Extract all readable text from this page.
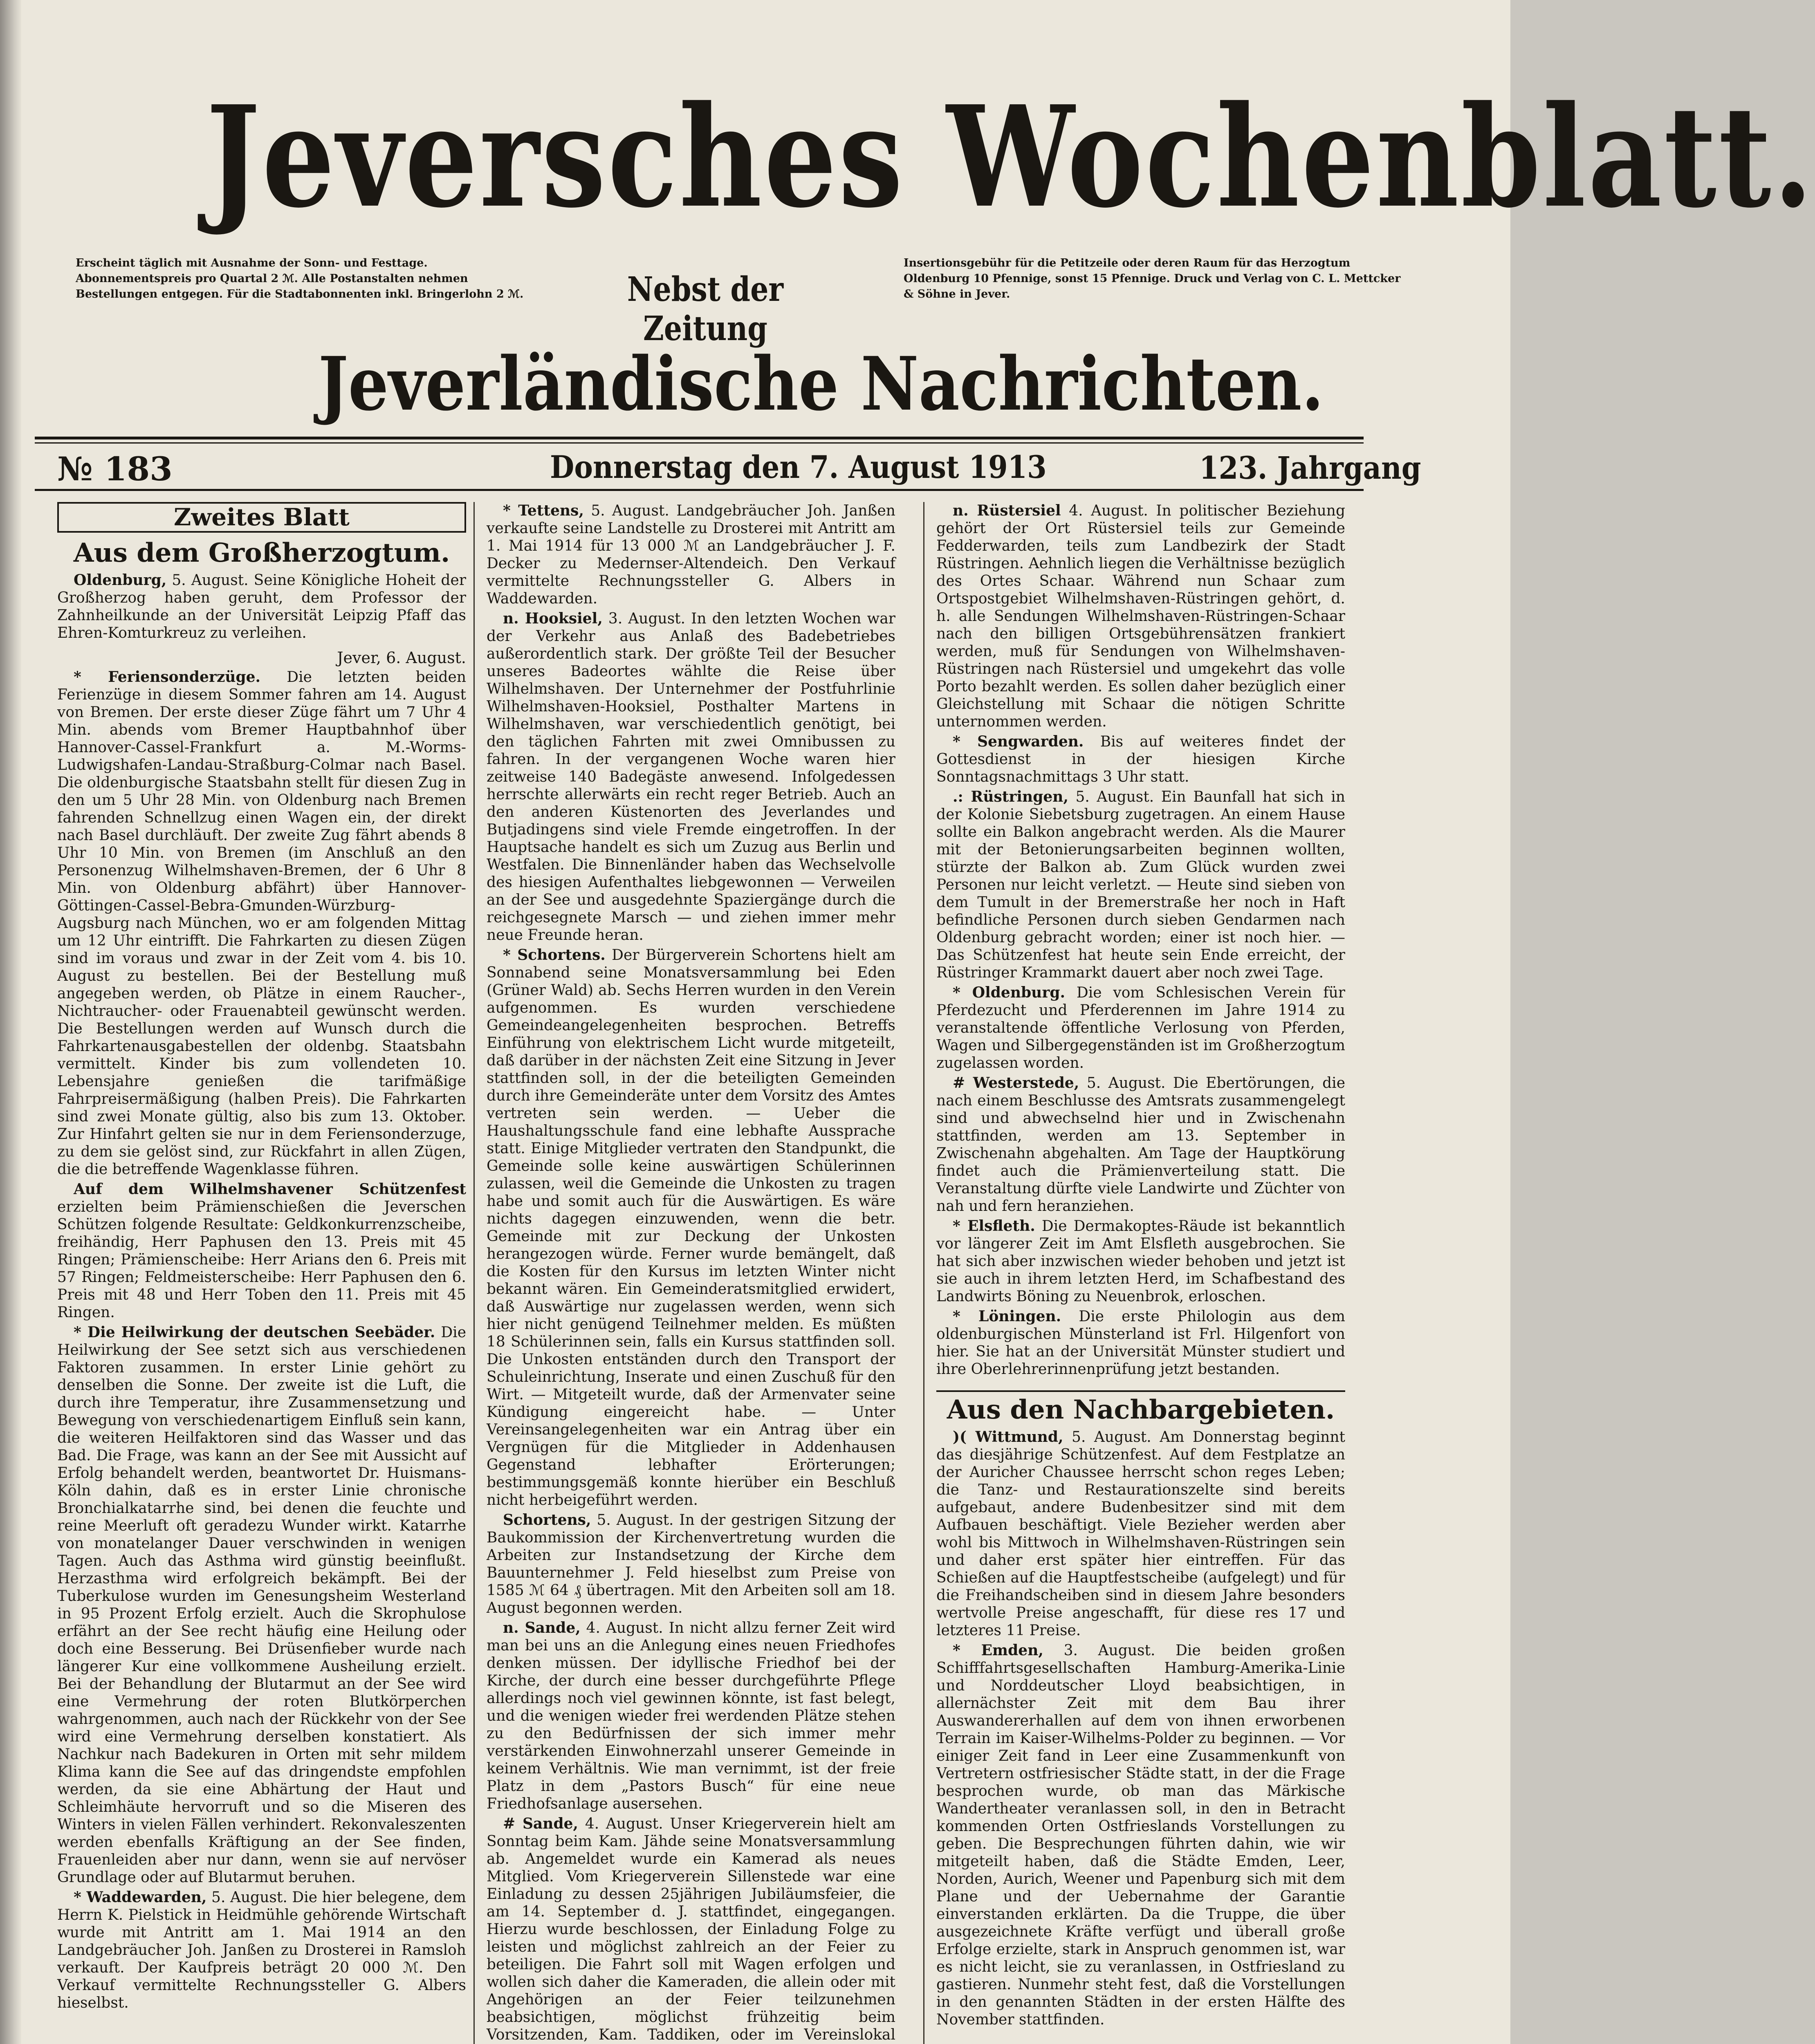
Jeversches Wochenblatt.
Erscheint täglich mit Ausnahme der Sonn- und Festtage. Abonnementspreis pro Quartal 2 ℳ. Alle Postanstalten nehmen Bestellungen entgegen. Für die Stadtabonnenten inkl. Bringerlohn 2 ℳ.	Nebst der Zeitung
Insertionsgebühr für die Petitzeile oder deren Raum für das Herzogtum Oldenburg 10 Pfennige, sonst 15 Pfennige. Druck und Verlag von C. L. Mettcker & Söhne in Jever.
Jeverländische Nachrichten.
№ 183	Donnerstag den 7. August 1913	123. Jahrgang
Zweites Blatt
Aus dem Großherzogtum.

Oldenburg, 5. August. Seine Königliche Hoheit der Großherzog haben geruht, dem Professor der Zahnheilkunde an der Universität Leipzig Pfaff das Ehren-Komturkreuz zu verleihen.

Jever, 6. August.

* Feriensonderzüge. Die letzten beiden Ferienzüge in diesem Sommer fahren am 14. August von Bremen. Der erste dieser Züge fährt um 7 Uhr 4 Min. abends vom Bremer Hauptbahnhof über Hannover-Cassel-Frankfurt a. M.-Worms-Ludwigshafen-Landau-Straßburg-Colmar nach Basel. Die oldenburgische Staatsbahn stellt für diesen Zug in den um 5 Uhr 28 Min. von Oldenburg nach Bremen fahrenden Schnellzug einen Wagen ein, der direkt nach Basel durchläuft. Der zweite Zug fährt abends 8 Uhr 10 Min. von Bremen (im Anschluß an den Personenzug Wilhelmshaven-Bremen, der 6 Uhr 8 Min. von Oldenburg abfährt) über Hannover-Göttingen-Cassel-Bebra-Gmunden-Würzburg-Augsburg nach München, wo er am folgenden Mittag um 12 Uhr eintrifft. Die Fahrkarten zu diesen Zügen sind im voraus und zwar in der Zeit vom 4. bis 10. August zu bestellen. Bei der Bestellung muß angegeben werden, ob Plätze in einem Raucher-, Nichtraucher- oder Frauenabteil gewünscht werden. Die Bestellungen werden auf Wunsch durch die Fahrkartenausgabestellen der oldenbg. Staatsbahn vermittelt. Kinder bis zum vollendeten 10. Lebensjahre genießen die tarifmäßige Fahrpreisermäßigung (halben Preis). Die Fahrkarten sind zwei Monate gültig, also bis zum 13. Oktober. Zur Hinfahrt gelten sie nur in dem Feriensonderzuge, zu dem sie gelöst sind, zur Rückfahrt in allen Zügen, die die betreffende Wagenklasse führen.

Auf dem Wilhelmshavener Schützenfest erzielten beim Prämienschießen die Jeverschen Schützen folgende Resultate: Geldkonkurrenzscheibe, freihändig, Herr Paphusen den 13. Preis mit 45 Ringen; Prämienscheibe: Herr Arians den 6. Preis mit 57 Ringen; Feldmeisterscheibe: Herr Paphusen den 6. Preis mit 48 und Herr Toben den 11. Preis mit 45 Ringen.

* Die Heilwirkung der deutschen Seebäder. Die Heilwirkung der See setzt sich aus verschiedenen Faktoren zusammen. In erster Linie gehört zu denselben die Sonne. Der zweite ist die Luft, die durch ihre Temperatur, ihre Zusammensetzung und Bewegung von verschiedenartigem Einfluß sein kann, die weiteren Heilfaktoren sind das Wasser und das Bad. Die Frage, was kann an der See mit Aussicht auf Erfolg behandelt werden, beantwortet Dr. Huismans-Köln dahin, daß es in erster Linie chronische Bronchialkatarrhe sind, bei denen die feuchte und reine Meerluft oft geradezu Wunder wirkt. Katarrhe von monatelanger Dauer verschwinden in wenigen Tagen. Auch das Asthma wird günstig beeinflußt. Herzasthma wird erfolgreich bekämpft. Bei der Tuberkulose wurden im Genesungsheim Westerland in 95 Prozent Erfolg erzielt. Auch die Skrophulose erfährt an der See recht häufig eine Heilung oder doch eine Besserung. Bei Drüsenfieber wurde nach längerer Kur eine vollkommene Ausheilung erzielt. Bei der Behandlung der Blutarmut an der See wird eine Vermehrung der roten Blutkörperchen wahrgenommen, auch nach der Rückkehr von der See wird eine Vermehrung derselben konstatiert. Als Nachkur nach Badekuren in Orten mit sehr mildem Klima kann die See auf das dringendste empfohlen werden, da sie eine Abhärtung der Haut und Schleimhäute hervorruft und so die Miseren des Winters in vielen Fällen verhindert. Rekonvaleszenten werden ebenfalls Kräftigung an der See finden, Frauenleiden aber nur dann, wenn sie auf nervöser Grundlage oder auf Blutarmut beruhen.

* Waddewarden, 5. August. Die hier belegene, dem Herrn K. Pielstick in Heidmühle gehörende Wirtschaft wurde mit Antritt am 1. Mai 1914 an den Landgebräucher Joh. Janßen zu Drosterei in Ramsloh verkauft. Der Kaufpreis beträgt 20 000 ℳ. Den Verkauf vermittelte Rechnungssteller G. Albers hieselbst.

* Tettens, 5. August. Landgebräucher Joh. Janßen verkaufte seine Landstelle zu Drosterei mit Antritt am 1. Mai 1914 für 13 000 ℳ an Landgebräucher J. F. Decker zu Medernser-Altendeich. Den Verkauf vermittelte Rechnungssteller G. Albers in Waddewarden.

n. Hooksiel, 3. August. In den letzten Wochen war der Verkehr aus Anlaß des Badebetriebes außerordentlich stark. Der größte Teil der Besucher unseres Badeortes wählte die Reise über Wilhelmshaven. Der Unternehmer der Postfuhrlinie Wilhelmshaven-Hooksiel, Posthalter Martens in Wilhelmshaven, war verschiedentlich genötigt, bei den täglichen Fahrten mit zwei Omnibussen zu fahren. In der vergangenen Woche waren hier zeitweise 140 Badegäste anwesend. Infolgedessen herrschte allerwärts ein recht reger Betrieb. Auch an den anderen Küstenorten des Jeverlandes und Butjadingens sind viele Fremde eingetroffen. In der Hauptsache handelt es sich um Zuzug aus Berlin und Westfalen. Die Binnenländer haben das Wechselvolle des hiesigen Aufenthaltes liebgewonnen — Verweilen an der See und ausgedehnte Spaziergänge durch die reichgesegnete Marsch — und ziehen immer mehr neue Freunde heran.

* Schortens. Der Bürgerverein Schortens hielt am Sonnabend seine Monatsversammlung bei Eden (Grüner Wald) ab. Sechs Herren wurden in den Verein aufgenommen. Es wurden verschiedene Gemeindeangelegenheiten besprochen. Betreffs Einführung von elektrischem Licht wurde mitgeteilt, daß darüber in der nächsten Zeit eine Sitzung in Jever stattfinden soll, in der die beteiligten Gemeinden durch ihre Gemeinderäte unter dem Vorsitz des Amtes vertreten sein werden. — Ueber die Haushaltungsschule fand eine lebhafte Aussprache statt. Einige Mitglieder vertraten den Standpunkt, die Gemeinde solle keine auswärtigen Schülerinnen zulassen, weil die Gemeinde die Unkosten zu tragen habe und somit auch für die Auswärtigen. Es wäre nichts dagegen einzuwenden, wenn die betr. Gemeinde mit zur Deckung der Unkosten herangezogen würde. Ferner wurde bemängelt, daß die Kosten für den Kursus im letzten Winter nicht bekannt wären. Ein Gemeinderatsmitglied erwidert, daß Auswärtige nur zugelassen werden, wenn sich hier nicht genügend Teilnehmer melden. Es müßten 18 Schülerinnen sein, falls ein Kursus stattfinden soll. Die Unkosten entständen durch den Transport der Schuleinrichtung, Inserate und einen Zuschuß für den Wirt. — Mitgeteilt wurde, daß der Armenvater seine Kündigung eingereicht habe. — Unter Vereinsangelegenheiten war ein Antrag über ein Vergnügen für die Mitglieder in Addenhausen Gegenstand lebhafter Erörterungen; bestimmungsgemäß konnte hierüber ein Beschluß nicht herbeigeführt werden.

Schortens, 5. August. In der gestrigen Sitzung der Baukommission der Kirchenvertretung wurden die Arbeiten zur Instandsetzung der Kirche dem Bauunternehmer J. Feld hieselbst zum Preise von 1585 ℳ 64 ₰ übertragen. Mit den Arbeiten soll am 18. August begonnen werden.

n. Sande, 4. August. In nicht allzu ferner Zeit wird man bei uns an die Anlegung eines neuen Friedhofes denken müssen. Der idyllische Friedhof bei der Kirche, der durch eine besser durchgeführte Pflege allerdings noch viel gewinnen könnte, ist fast belegt, und die wenigen wieder frei werdenden Plätze stehen zu den Bedürfnissen der sich immer mehr verstärkenden Einwohnerzahl unserer Gemeinde in keinem Verhältnis. Wie man vernimmt, ist der freie Platz in dem „Pastors Busch“ für eine neue Friedhofsanlage ausersehen.

# Sande, 4. August. Unser Kriegerverein hielt am Sonntag beim Kam. Jähde seine Monatsversammlung ab. Angemeldet wurde ein Kamerad als neues Mitglied. Vom Kriegerverein Sillenstede war eine Einladung zu dessen 25jährigen Jubiläumsfeier, die am 14. September d. J. stattfindet, eingegangen. Hierzu wurde beschlossen, der Einladung Folge zu leisten und möglichst zahlreich an der Feier zu beteiligen. Die Fahrt soll mit Wagen erfolgen und wollen sich daher die Kameraden, die allein oder mit Angehörigen an der Feier teilzunehmen beabsichtigen, möglichst frühzeitig beim Vorsitzenden, Kam. Taddiken, oder im Vereinslokal

n. Rüstersiel 4. August. In politischer Beziehung gehört der Ort Rüstersiel teils zur Gemeinde Fedderwarden, teils zum Landbezirk der Stadt Rüstringen. Aehnlich liegen die Verhältnisse bezüglich des Ortes Schaar. Während nun Schaar zum Ortspostgebiet Wilhelmshaven-Rüstringen gehört, d. h. alle Sendungen Wilhelmshaven-Rüstringen-Schaar nach den billigen Ortsgebührensätzen frankiert werden, muß für Sendungen von Wilhelmshaven-Rüstringen nach Rüstersiel und umgekehrt das volle Porto bezahlt werden. Es sollen daher bezüglich einer Gleichstellung mit Schaar die nötigen Schritte unternommen werden.

* Sengwarden. Bis auf weiteres findet der Gottesdienst in der hiesigen Kirche Sonntagsnachmittags 3 Uhr statt.

.: Rüstringen, 5. August. Ein Baunfall hat sich in der Kolonie Siebetsburg zugetragen. An einem Hause sollte ein Balkon angebracht werden. Als die Maurer mit der Betonierungsarbeiten beginnen wollten, stürzte der Balkon ab. Zum Glück wurden zwei Personen nur leicht verletzt. — Heute sind sieben von dem Tumult in der Bremerstraße her noch in Haft befindliche Personen durch sieben Gendarmen nach Oldenburg gebracht worden; einer ist noch hier. — Das Schützenfest hat heute sein Ende erreicht, der Rüstringer Krammarkt dauert aber noch zwei Tage.

* Oldenburg. Die vom Schlesischen Verein für Pferdezucht und Pferderennen im Jahre 1914 zu veranstaltende öffentliche Verlosung von Pferden, Wagen und Silbergegenständen ist im Großherzogtum zugelassen worden.

# Westerstede, 5. August. Die Ebertörungen, die nach einem Beschlusse des Amtsrats zusammengelegt sind und abwechselnd hier und in Zwischenahn stattfinden, werden am 13. September in Zwischenahn abgehalten. Am Tage der Hauptkörung findet auch die Prämienverteilung statt. Die Veranstaltung dürfte viele Landwirte und Züchter von nah und fern heranziehen.

* Elsfleth. Die Dermakoptes-Räude ist bekanntlich vor längerer Zeit im Amt Elsfleth ausgebrochen. Sie hat sich aber inzwischen wieder behoben und jetzt ist sie auch in ihrem letzten Herd, im Schafbestand des Landwirts Böning zu Neuenbrok, erloschen.

* Löningen. Die erste Philologin aus dem oldenburgischen Münsterland ist Frl. Hilgenfort von hier. Sie hat an der Universität Münster studiert und ihre Oberlehrerinnenprüfung jetzt bestanden.

Aus den Nachbargebieten.

)( Wittmund, 5. August. Am Donnerstag beginnt das diesjährige Schützenfest. Auf dem Festplatze an der Auricher Chaussee herrscht schon reges Leben; die Tanz- und Restaurationszelte sind bereits aufgebaut, andere Budenbesitzer sind mit dem Aufbauen beschäftigt. Viele Bezieher werden aber wohl bis Mittwoch in Wilhelmshaven-Rüstringen sein und daher erst später hier eintreffen. Für das Schießen auf die Hauptfestscheibe (aufgelegt) und für die Freihandscheiben sind in diesem Jahre besonders wertvolle Preise angeschafft, für diese res 17 und letzteres 11 Preise.

* Emden, 3. August. Die beiden großen Schifffahrtsgesellschaften Hamburg-Amerika-Linie und Norddeutscher Lloyd beabsichtigen, in allernächster Zeit mit dem Bau ihrer Auswandererhallen auf dem von ihnen erworbenen Terrain im Kaiser-Wilhelms-Polder zu beginnen. — Vor einiger Zeit fand in Leer eine Zusammenkunft von Vertretern ostfriesischer Städte statt, in der die Frage besprochen wurde, ob man das Märkische Wandertheater veranlassen soll, in den in Betracht kommenden Orten Ostfrieslands Vorstellungen zu geben. Die Besprechungen führten dahin, wie wir mitgeteilt haben, daß die Städte Emden, Leer, Norden, Aurich, Weener und Papenburg sich mit dem Plane und der Uebernahme der Garantie einverstanden erklärten. Da die Truppe, die über ausgezeichnete Kräfte verfügt und überall große Erfolge erzielte, stark in Anspruch genommen ist, war es nicht leicht, sie zu veranlassen, in Ostfriesland zu gastieren. Nunmehr steht fest, daß die Vorstellungen in den genannten Städten in der ersten Hälfte des November stattfinden.
